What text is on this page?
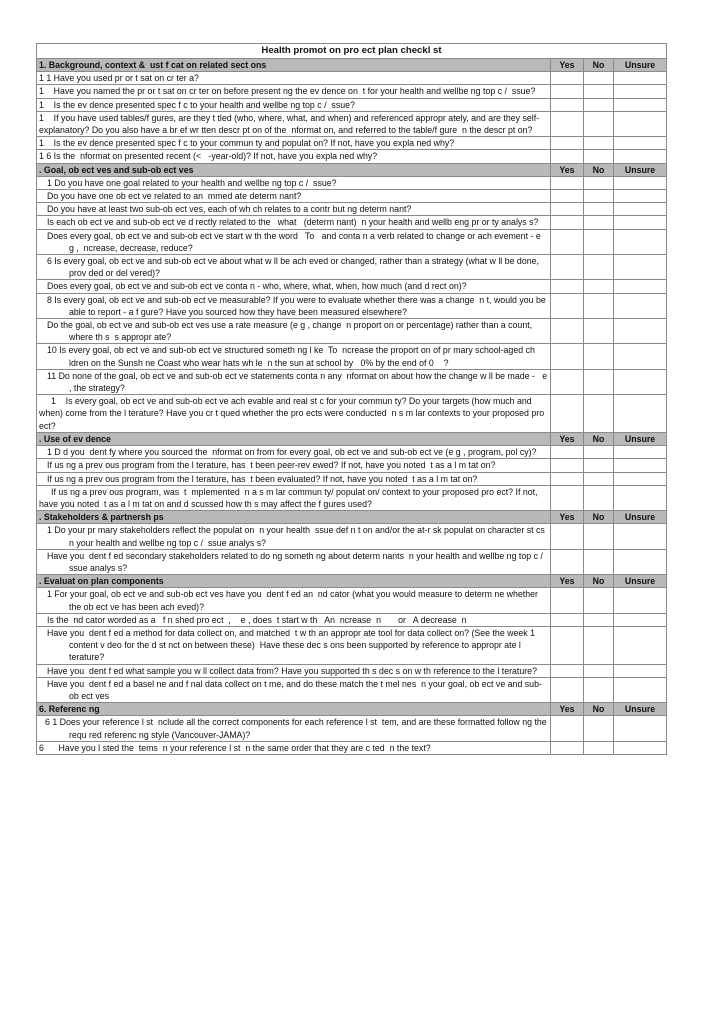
Health promot on pro ect plan checkl st			
1. Background, context &  ust f cat on related sect ons	Yes	No	Unsure
1 1 Have you used pr or t sat on cr ter a?			
1    Have you named the pr or t sat on cr ter on before present ng the ev dence on  t for your health and wellbe ng top c /  ssue?			
1    Is the ev dence presented spec f c to your health and wellbe ng top c /  ssue?			
1    If you have used tables/f gures, are they t tled (who, where, what, and when) and referenced appropr ately, and are they self-explanatory? Do you also have a br ef wr tten descr pt on of the  nformat on, and referred to the table/f gure  n the descr pt on?			
1    Is the ev dence presented spec f c to your commun ty and populat on? If not, have you expla ned why?			
1 6 Is the  nformat on presented recent (<   -year-old)? If not, have you expla ned why?			
. Goal, ob ect ves and sub-ob ect ves	Yes	No	Unsure
1 Do you have one goal related to your health and wellbe ng top c /  ssue?			
Do you have one ob ect ve related to an  mmed ate determ nant?			
Do you have at least two sub-ob ect ves, each of wh ch relates to a contr but ng determ nant?			
Is each ob ect ve and sub-ob ect ve d rectly related to the   what   (determ nant)  n your health and wellb eng pr or ty analys s?			
Does every goal, ob ect ve and sub-ob ect ve start w th the word   To   and conta n a verb related to change or ach evement - e g ,  ncrease, decrease, reduce?			
6 Is every goal, ob ect ve and sub-ob ect ve about what w ll be ach eved or changed, rather than a strategy (what w ll be done, prov ded or del vered)?			
Does every goal, ob ect ve and sub-ob ect ve conta n - who, where, what, when, how much (and d rect on)?			
8 Is every goal, ob ect ve and sub-ob ect ve measurable? If you were to evaluate whether there was a change  n t, would you be able to report - a f gure? Have you sourced how they have been measured elsewhere?			
Do the goal, ob ect ve and sub-ob ect ves use a rate measure (e g , change  n proport on or percentage) rather than a count, where th s  s appropr ate?			
10 Is every goal, ob ect ve and sub-ob ect ve structured someth ng l ke  To  ncrease the proport on of pr mary school-aged ch ldren on the Sunsh ne Coast who wear hats wh le  n the sun at school by   0% by the end of 0    ?			
11 Do none of the goal, ob ect ve and sub-ob ect ve statements conta n any  nformat on about how the change w ll be made -   e , the strategy?			
1    Is every goal, ob ect ve and sub-ob ect ve ach evable and real st c for your commun ty? Do your targets (how much and when) come from the l terature? Have you cr t qued whether the pro ects were conducted  n s m lar contexts to your proposed pro ect?			
. Use of ev dence	Yes	No	Unsure
1 D d you  dent fy where you sourced the  nformat on from for every goal, ob ect ve and sub-ob ect ve (e g , program, pol cy)?			
If us ng a prev ous program from the l terature, has  t been peer-rev ewed? If not, have you noted  t as a l m tat on?			
If us ng a prev ous program from the l terature, has  t been evaluated? If not, have you noted  t as a l m tat on?			
If us ng a prev ous program, was  t  mplemented  n a s m lar commun ty/ populat on/ context to your proposed pro ect? If not, have you noted  t as a l m tat on and d scussed how th s may affect the f gures used?			
. Stakeholders & partnersh ps	Yes	No	Unsure
1 Do your pr mary stakeholders reflect the populat on  n your health  ssue def n t on and/or the at-r sk populat on character st cs  n your health and wellbe ng top c /  ssue analys s?			
Have you  dent f ed secondary stakeholders related to do ng someth ng about determ nants  n your health and wellbe ng top c /  ssue analys s?			
. Evaluat on plan components	Yes	No	Unsure
1 For your goal, ob ect ve and sub-ob ect ves have you  dent f ed an  nd cator (what you would measure to determ ne whether the ob ect ve has been ach eved)?			
Is the  nd cator worded as a   f n shed pro ect  ,    e , does  t start w th   An  ncrease  n       or   A decrease  n			
Have you  dent f ed a method for data collect on, and matched  t w th an appropr ate tool for data collect on? (See the week 1    content v deo for the d st nct on between these)  Have these dec s ons been supported by reference to appropr ate l terature?			
Have you  dent f ed what sample you w ll collect data from? Have you supported th s dec s on w th reference to the l terature?			
Have you  dent f ed a basel ne and f nal data collect on t me, and do these match the t mel nes  n your goal, ob ect ve and sub-ob ect ves			
6. Referenc ng	Yes	No	Unsure
6 1 Does your reference l st  nclude all the correct components for each reference l st  tem, and are these formatted follow ng the requ red referenc ng style (Vancouver-JAMA)?			
6      Have you l sted the  tems  n your reference l st  n the same order that they are c ted  n the text?			
